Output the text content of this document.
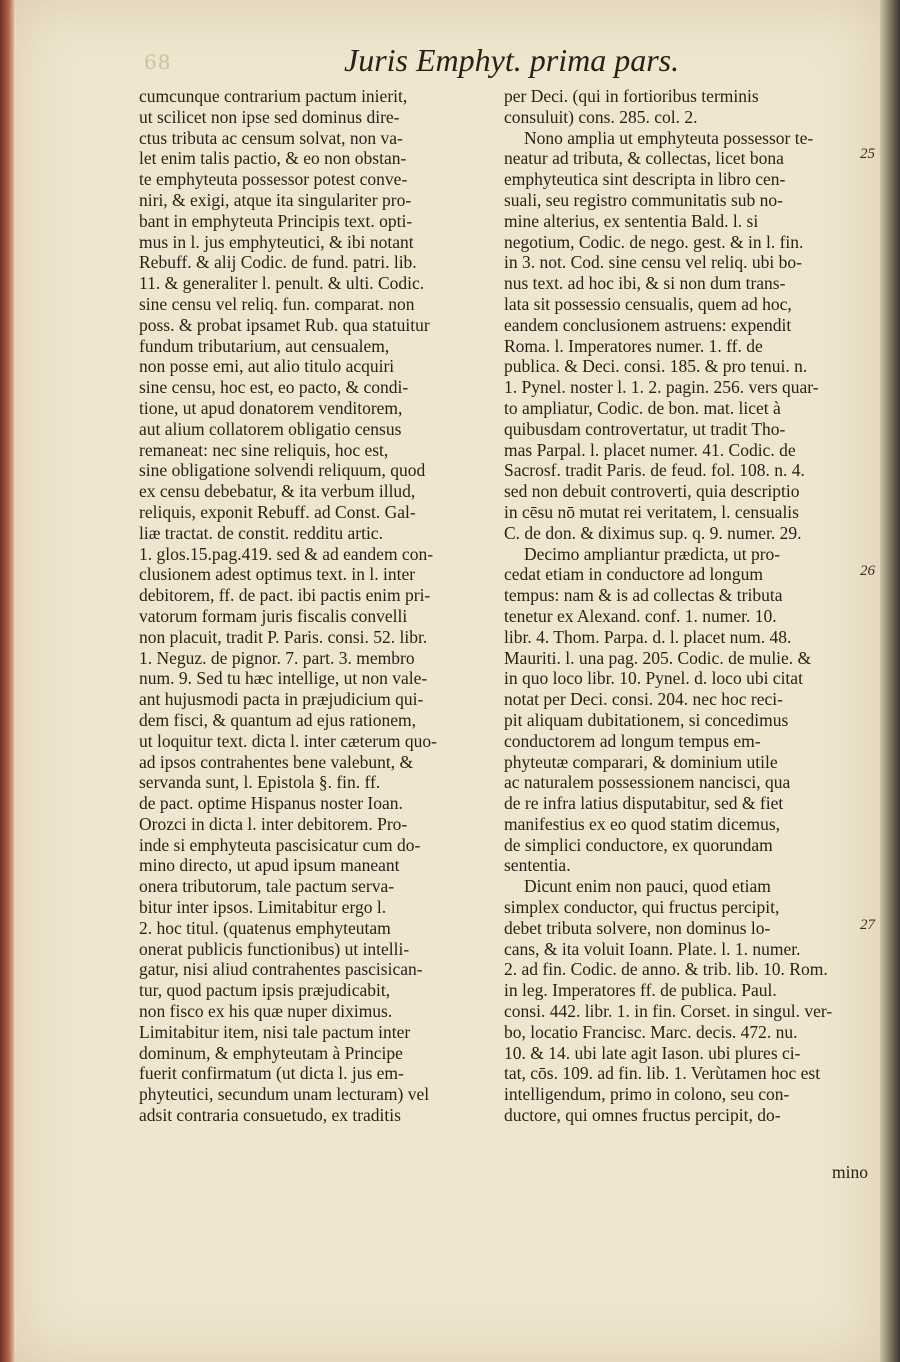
68	Juris Emphyt. prima pars.
cumcunque contrarium pactum inierit,
ut scilicet non ipse sed dominus dire-
ctus tributa ac censum solvat, non va-
let enim talis pactio, & eo non obstan-
te emphyteuta possessor potest conve-
niri, & exigi, atque ita singulariter pro-
bant in emphyteuta Principis text. opti-
mus in l. jus emphyteutici, & ibi notant
Rebuff. & alij Codic. de fund. patri. lib.
11. & generaliter l. penult. & ulti. Codic.
sine censu vel reliq. fun. comparat. non
poss. & probat ipsamet Rub. qua statuitur
fundum tributarium, aut censualem,
non posse emi, aut alio titulo acquiri
sine censu, hoc est, eo pacto, & condi-
tione, ut apud donatorem venditorem,
aut alium collatorem obligatio census
remaneat: nec sine reliquis, hoc est,
sine obligatione solvendi reliquum, quod
ex censu debebatur, & ita verbum illud,
reliquis, exponit Rebuff. ad Const. Gal-
liæ tractat. de constit. redditu artic.
1. glos.15.pag.419. sed & ad eandem con-
clusionem adest optimus text. in l. inter
debitorem, ff. de pact. ibi pactis enim pri-
vatorum formam juris fiscalis convelli
non placuit, tradit P. Paris. consi. 52. libr.
1. Neguz. de pignor. 7. part. 3. membro
num. 9. Sed tu hæc intellige, ut non vale-
ant hujusmodi pacta in præjudicium qui-
dem fisci, & quantum ad ejus rationem,
ut loquitur text. dicta l. inter cæterum quo-
ad ipsos contrahentes bene valebunt, &
servanda sunt, l. Epistola §. fin. ff.
de pact. optime Hispanus noster Ioan.
Orozci in dicta l. inter debitorem. Pro-
inde si emphyteuta pascisicatur cum do-
mino directo, ut apud ipsum maneant
onera tributorum, tale pactum serva-
bitur inter ipsos. Limitabitur ergo l.
2. hoc titul. (quatenus emphyteutam
onerat publicis functionibus) ut intelli-
gatur, nisi aliud contrahentes pascisican-
tur, quod pactum ipsis præjudicabit,
non fisco ex his quæ nuper diximus.
Limitabitur item, nisi tale pactum inter
dominum, & emphyteutam à Principe
fuerit confirmatum (ut dicta l. jus em-
phyteutici, secundum unam lecturam) vel
adsit contraria consuetudo, ex traditis
per Deci. (qui in fortioribus terminis
consuluit) cons. 285. col. 2.
Nono amplia ut emphyteuta possessor te-
neatur ad tributa, & collectas, licet bona
emphyteutica sint descripta in libro cen-
suali, seu registro communitatis sub no-
mine alterius, ex sententia Bald. l. si
negotium, Codic. de nego. gest. & in l. fin.
in 3. not. Cod. sine censu vel reliq. ubi bo-
nus text. ad hoc ibi, & si non dum trans-
lata sit possessio censualis, quem ad hoc,
eandem conclusionem astruens: expendit
Roma. l. Imperatores numer. 1. ff. de
publica. & Deci. consi. 185. & pro tenui. n.
1. Pynel. noster l. 1. 2. pagin. 256. vers quar-
to ampliatur, Codic. de bon. mat. licet à
quibusdam controvertatur, ut tradit Tho-
mas Parpal. l. placet numer. 41. Codic. de
Sacrosf. tradit Paris. de feud. fol. 108. n. 4.
sed non debuit controverti, quia descriptio
in cēsu nō mutat rei veritatem, l. censualis
C. de don. & diximus sup. q. 9. numer. 29.
Decimo ampliantur prædicta, ut pro-
cedat etiam in conductore ad longum
tempus: nam & is ad collectas & tributa
tenetur ex Alexand. conf. 1. numer. 10.
libr. 4. Thom. Parpa. d. l. placet num. 48.
Mauriti. l. una pag. 205. Codic. de mulie. &
in quo loco libr. 10. Pynel. d. loco ubi citat
notat per Deci. consi. 204. nec hoc reci-
pit aliquam dubitationem, si concedimus
conductorem ad longum tempus em-
phyteutæ comparari, & dominium utile
ac naturalem possessionem nancisci, qua
de re infra latius disputabitur, sed & fiet
manifestius ex eo quod statim dicemus,
de simplici conductore, ex quorundam
sententia.
Dicunt enim non pauci, quod etiam
simplex conductor, qui fructus percipit,
debet tributa solvere, non dominus lo-
cans, & ita voluit Ioann. Plate. l. 1. numer.
2. ad fin. Codic. de anno. & trib. lib. 10. Rom.
in leg. Imperatores ff. de publica. Paul.
consi. 442. libr. 1. in fin. Corset. in singul. ver-
bo, locatio Francisc. Marc. decis. 472. nu.
10. & 14. ubi late agit Iason. ubi plures ci-
tat, cōs. 109. ad fin. lib. 1. Verùtamen hoc est
intelligendum, primo in colono, seu con-
ductore, qui omnes fructus percipit, do-
25
26
27
mino
